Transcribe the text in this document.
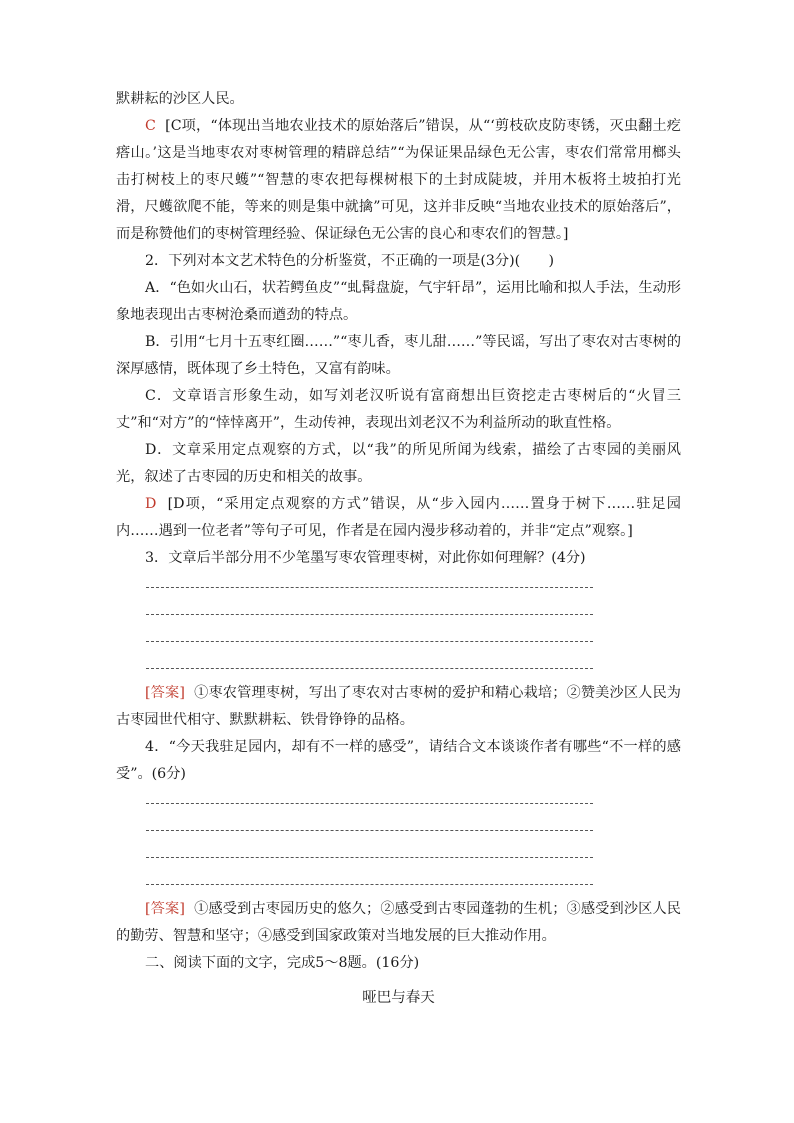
默耕耘的沙区人民。

C [C项，“体现出当地农业技术的原始落后”错误，从“‘剪枝砍皮防枣锈，灭虫翻土疙瘩山。’这是当地枣农对枣树管理的精辟总结”“为保证果品绿色无公害，枣农们常常用榔头击打树枝上的枣尺蠖”“智慧的枣农把每棵树根下的土封成陡坡，并用木板将土坡拍打光滑，尺蠖欲爬不能，等来的则是集中就擒”可见，这并非反映“当地农业技术的原始落后”，而是称赞他们的枣树管理经验、保证绿色无公害的良心和枣农们的智慧。]

2．下列对本文艺术特色的分析鉴赏，不正确的一项是(3分)(　　)

A．“色如火山石，状若鳄鱼皮”“虬髯盘旋，气宇轩昂”，运用比喻和拟人手法，生动形象地表现出古枣树沧桑而遒劲的特点。

B．引用“七月十五枣红圈……”“枣儿香，枣儿甜……”等民谣，写出了枣农对古枣树的深厚感情，既体现了乡土特色，又富有韵味。

C．文章语言形象生动，如写刘老汉听说有富商想出巨资挖走古枣树后的“火冒三丈”和“对方”的“悻悻离开”，生动传神，表现出刘老汉不为利益所动的耿直性格。

D．文章采用定点观察的方式，以“我”的所见所闻为线索，描绘了古枣园的美丽风光，叙述了古枣园的历史和相关的故事。

D [D项，“采用定点观察的方式”错误，从“步入园内……置身于树下……驻足园内……遇到一位老者”等句子可见，作者是在园内漫步移动着的，并非“定点”观察。]

3．文章后半部分用不少笔墨写枣农管理枣树，对此你如何理解？(4分)

[答案] ①枣农管理枣树，写出了枣农对古枣树的爱护和精心栽培；②赞美沙区人民为古枣园世代相守、默默耕耘、铁骨铮铮的品格。

4．“今天我驻足园内，却有不一样的感受”，请结合文本谈谈作者有哪些“不一样的感受”。(6分)

[答案] ①感受到古枣园历史的悠久；②感受到古枣园蓬勃的生机；③感受到沙区人民的勤劳、智慧和坚守；④感受到国家政策对当地发展的巨大推动作用。

二、阅读下面的文字，完成5～8题。(16分)

哑巴与春天
